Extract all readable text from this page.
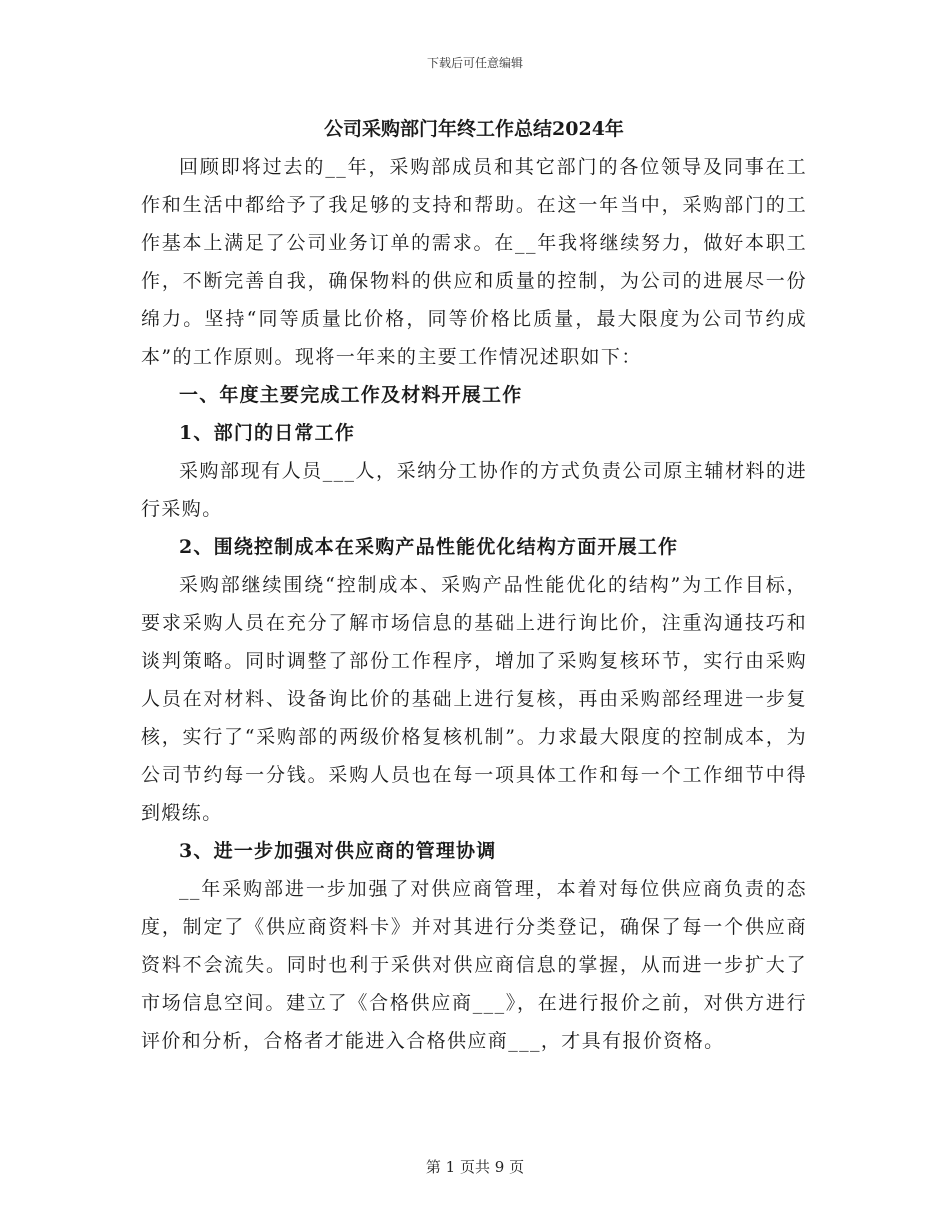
下载后可任意编辑
公司采购部门年终工作总结2024年

回顾即将过去的__年，采购部成员和其它部门的各位领导及同事在工作和生活中都给予了我足够的支持和帮助。在这一年当中，采购部门的工作基本上满足了公司业务订单的需求。在__年我将继续努力，做好本职工作，不断完善自我，确保物料的供应和质量的控制，为公司的进展尽一份绵力。坚持“同等质量比价格，同等价格比质量，最大限度为公司节约成本”的工作原则。现将一年来的主要工作情况述职如下：

一、年度主要完成工作及材料开展工作

1、部门的日常工作

采购部现有人员___人，采纳分工协作的方式负责公司原主辅材料的进行采购。

2、围绕控制成本在采购产品性能优化结构方面开展工作

采购部继续围绕“控制成本、采购产品性能优化的结构”为工作目标，要求采购人员在充分了解市场信息的基础上进行询比价，注重沟通技巧和谈判策略。同时调整了部份工作程序，增加了采购复核环节，实行由采购人员在对材料、设备询比价的基础上进行复核，再由采购部经理进一步复核，实行了“采购部的两级价格复核机制”。力求最大限度的控制成本，为公司节约每一分钱。采购人员也在每一项具体工作和每一个工作细节中得到煅练。

3、进一步加强对供应商的管理协调

__年采购部进一步加强了对供应商管理，本着对每位供应商负责的态度，制定了《供应商资料卡》并对其进行分类登记，确保了每一个供应商资料不会流失。同时也利于采供对供应商信息的掌握，从而进一步扩大了市场信息空间。建立了《合格供应商___》，在进行报价之前，对供方进行评价和分析，合格者才能进入合格供应商___，才具有报价资格。

第 1 页共 9 页
